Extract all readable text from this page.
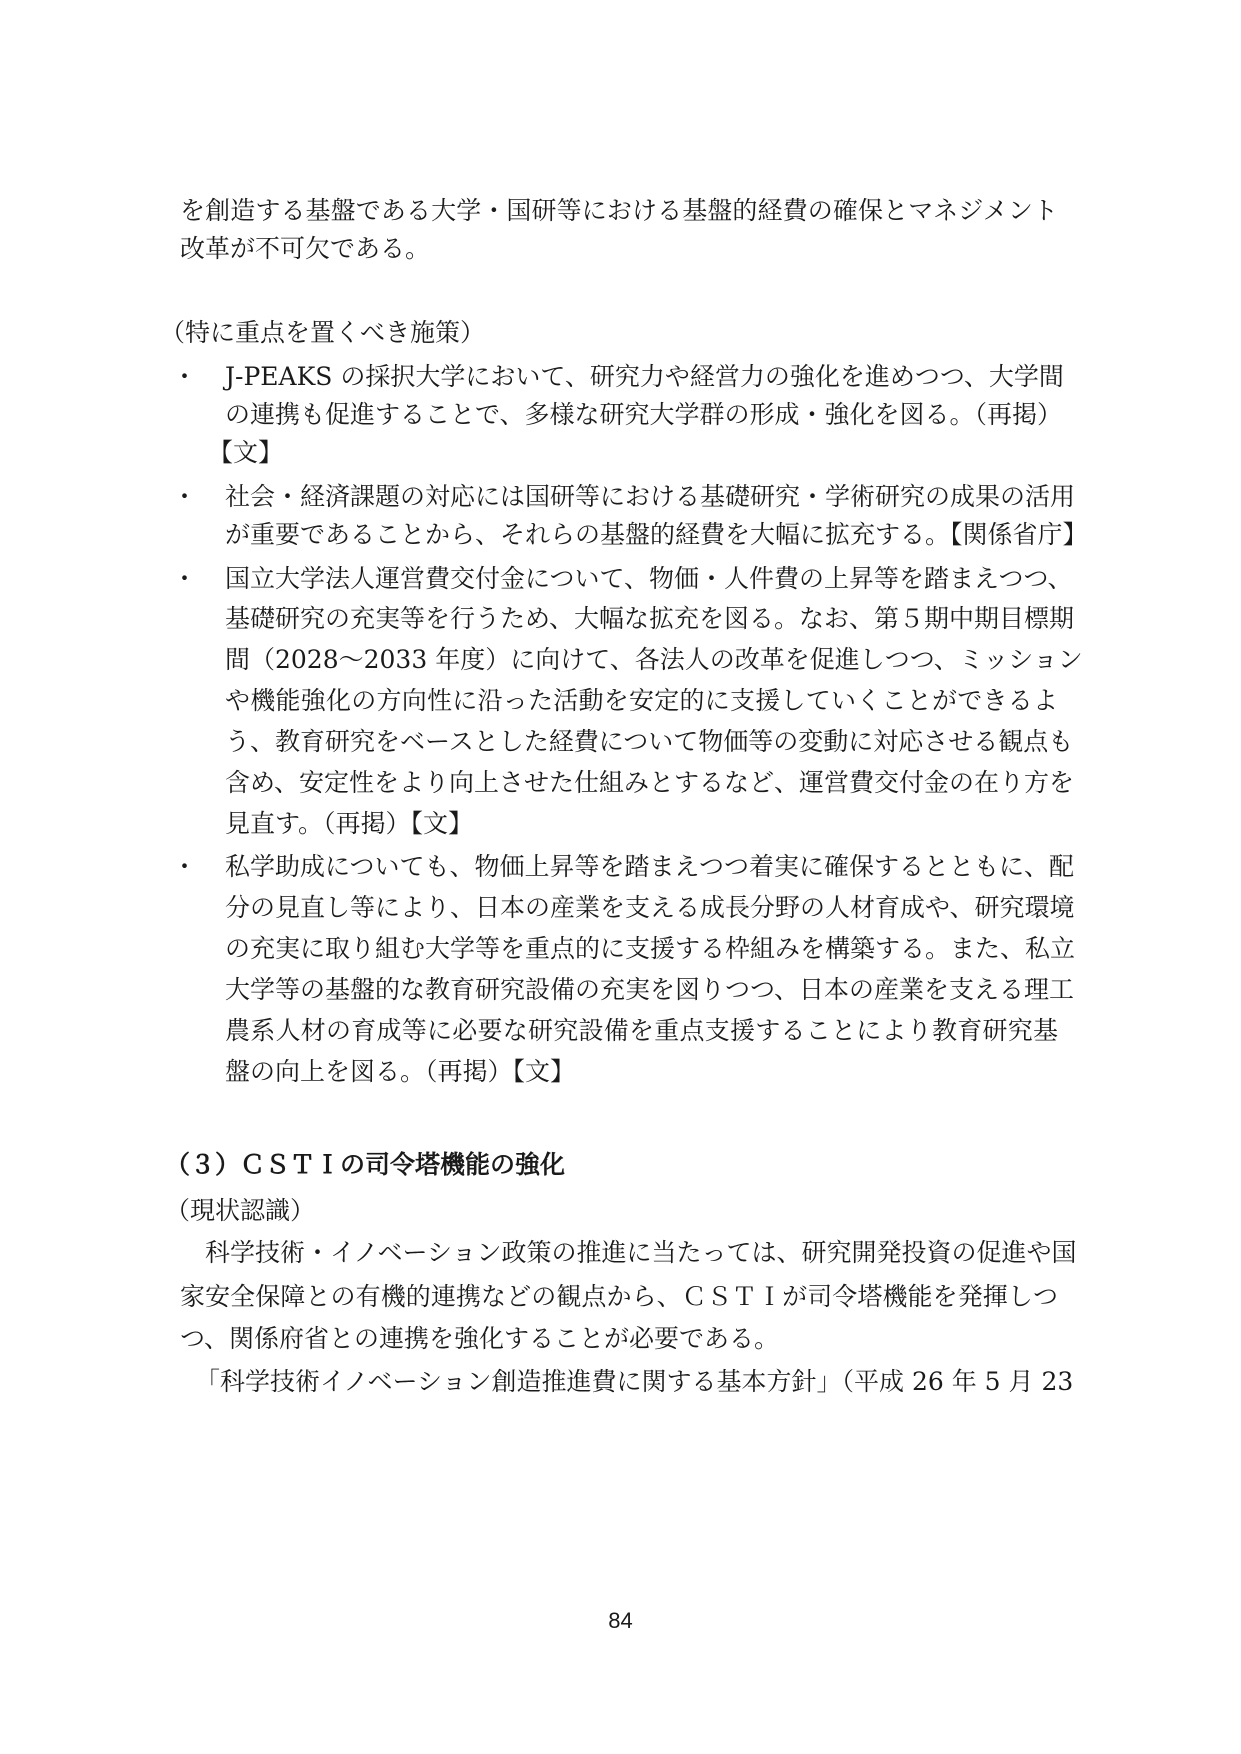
を創造する基盤である大学・国研等における基盤的経費の確保とマネジメント
改革が不可欠である。
（特に重点を置くべき施策）
・ J-PEAKS の採択大学において、研究力や経営力の強化を進めつつ、大学間
の連携も促進することで、多様な研究大学群の形成・強化を図る。（再掲）
【文】
・ 社会・経済課題の対応には国研等における基礎研究・学術研究の成果の活用
が重要であることから、それらの基盤的経費を大幅に拡充する。【関係省庁】
・ 国立大学法人運営費交付金について、物価・人件費の上昇等を踏まえつつ、
基礎研究の充実等を行うため、大幅な拡充を図る。なお、第５期中期目標期
間（2028〜2033 年度）に向けて、各法人の改革を促進しつつ、ミッション
や機能強化の方向性に沿った活動を安定的に支援していくことができるよ
う、教育研究をベースとした経費について物価等の変動に対応させる観点も
含め、安定性をより向上させた仕組みとするなど、運営費交付金の在り方を
見直す。（再掲）【文】
・ 私学助成についても、物価上昇等を踏まえつつ着実に確保するとともに、配
分の見直し等により、日本の産業を支える成長分野の人材育成や、研究環境
の充実に取り組む大学等を重点的に支援する枠組みを構築する。また、私立
大学等の基盤的な教育研究設備の充実を図りつつ、日本の産業を支える理工
農系人材の育成等に必要な研究設備を重点支援することにより教育研究基
盤の向上を図る。（再掲）【文】
（３）ＣＳＴＩの司令塔機能の強化
（現状認識）
科学技術・イノベーション政策の推進に当たっては、研究開発投資の促進や国
家安全保障との有機的連携などの観点から、ＣＳＴＩが司令塔機能を発揮しつ
つ、関係府省との連携を強化することが必要である。
「科学技術イノベーション創造推進費に関する基本方針」（平成 26 年 5 月 23
84
